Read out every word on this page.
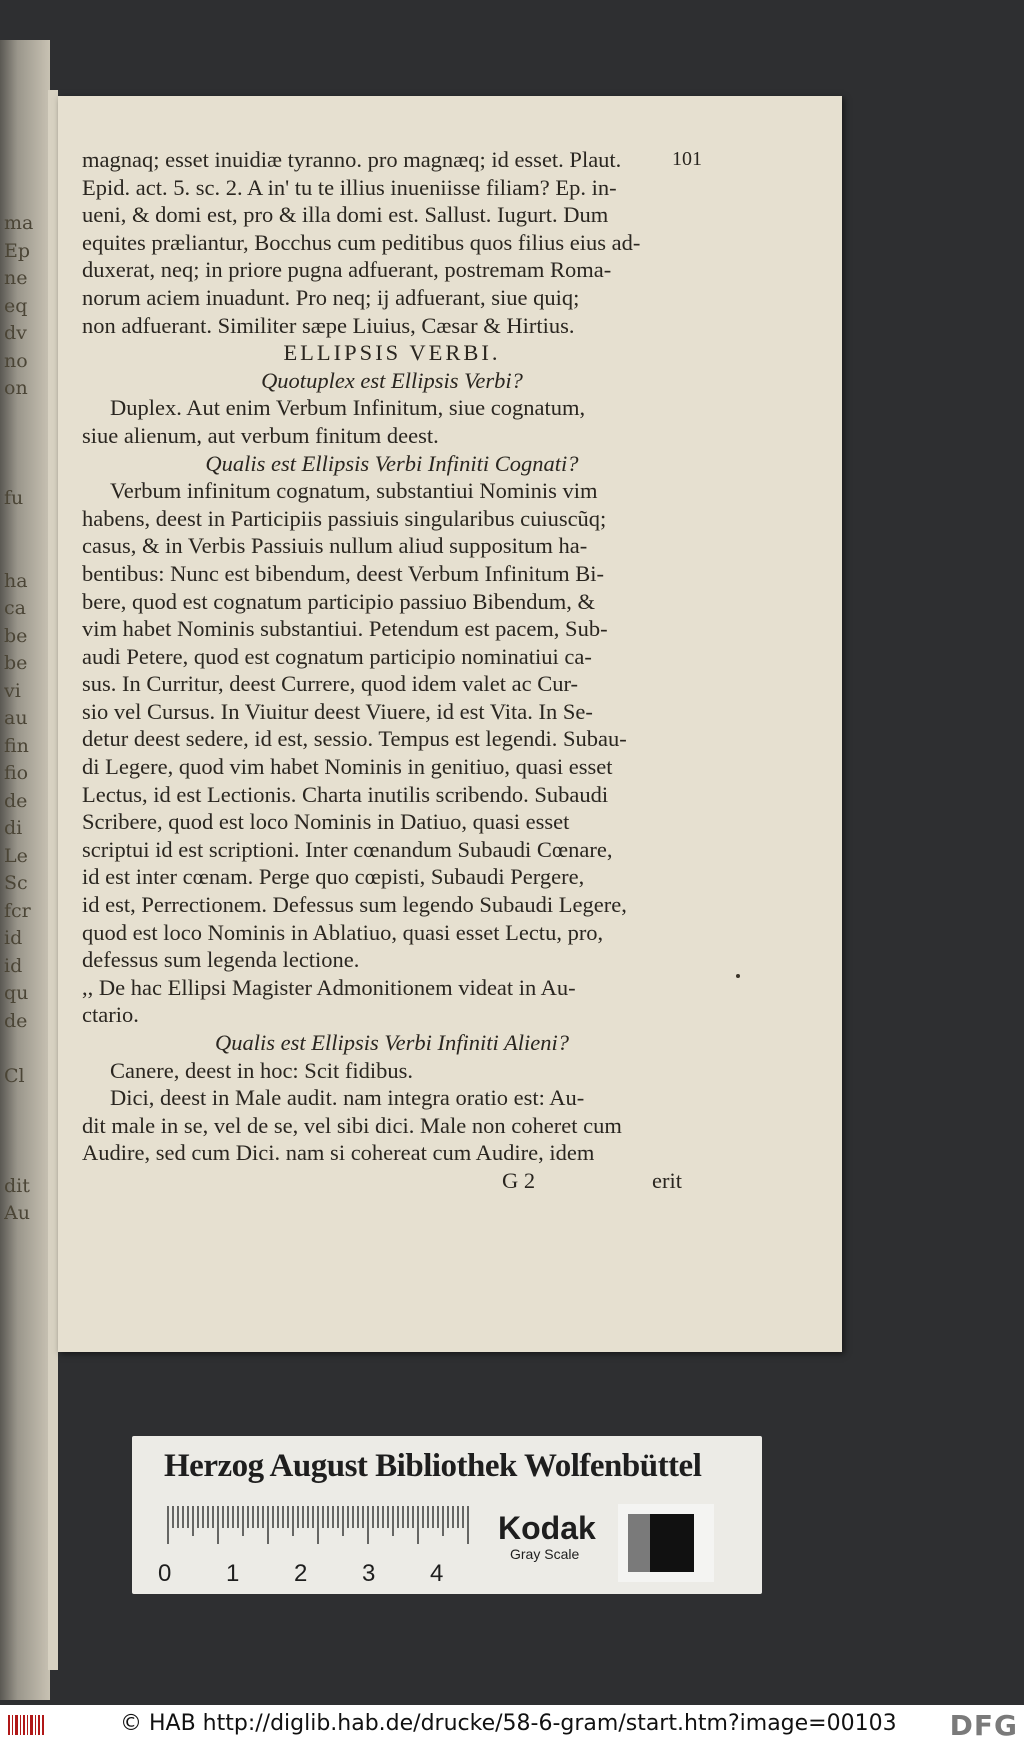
ma
Ep
ne
eq
dv
no
on
fu
ha
ca
be
be
vi
au
fin
fio
de
di
Le
Sc
fcr
id
id
qu
de
Cl
dit
Au
101
magnaq; esset inuidiæ tyranno. pro magnæq; id esset. Plaut.
Epid. act. 5. sc. 2. A in' tu te illius inueniisse filiam? Ep. in-
ueni, & domi est, pro & illa domi est. Sallust. Iugurt. Dum
equites præliantur, Bocchus cum peditibus quos filius eius ad-
duxerat, neq; in priore pugna adfuerant, postremam Roma-
norum aciem inuadunt. Pro neq; ij adfuerant, siue quiq;
non adfuerant. Similiter sæpe Liuius, Cæsar & Hirtius.
ELLIPSIS VERBI.
Quotuplex est Ellipsis Verbi?
Duplex. Aut enim Verbum Infinitum, siue cognatum,
siue alienum, aut verbum finitum deest.
Qualis est Ellipsis Verbi Infiniti Cognati?
Verbum infinitum cognatum, substantiui Nominis vim
habens, deest in Participiis passiuis singularibus cuiuscũq;
casus, & in Verbis Passiuis nullum aliud suppositum ha-
bentibus: Nunc est bibendum, deest Verbum Infinitum Bi-
bere, quod est cognatum participio passiuo Bibendum, &
vim habet Nominis substantiui. Petendum est pacem, Sub-
audi Petere, quod est cognatum participio nominatiui ca-
sus. In Curritur, deest Currere, quod idem valet ac Cur-
sio vel Cursus. In Viuitur deest Viuere, id est Vita. In Se-
detur deest sedere, id est, sessio. Tempus est legendi. Subau-
di Legere, quod vim habet Nominis in genitiuo, quasi esset
Lectus, id est Lectionis. Charta inutilis scribendo. Subaudi
Scribere, quod est loco Nominis in Datiuo, quasi esset
scriptui id est scriptioni. Inter cœnandum Subaudi Cœnare,
id est inter cœnam. Perge quo cœpisti, Subaudi Pergere,
id est, Perrectionem. Defessus sum legendo Subaudi Legere,
quod est loco Nominis in Ablatiuo, quasi esset Lectu, pro,
defessus sum legenda lectione.
,, De hac Ellipsi Magister Admonitionem videat in Au-
ctario.
Qualis est Ellipsis Verbi Infiniti Alieni?
Canere, deest in hoc: Scit fidibus.
Dici, deest in Male audit. nam integra oratio est: Au-
dit male in se, vel de se, vel sibi dici. Male non coheret cum
Audire, sed cum Dici. nam si cohereat cum Audire, idem
G 2	erit
Herzog August Bibliothek Wolfenbüttel
0 1 2 3 4
Kodak
Gray Scale
© HAB http://diglib.hab.de/drucke/58-6-gram/start.htm?image=00103 DFG
